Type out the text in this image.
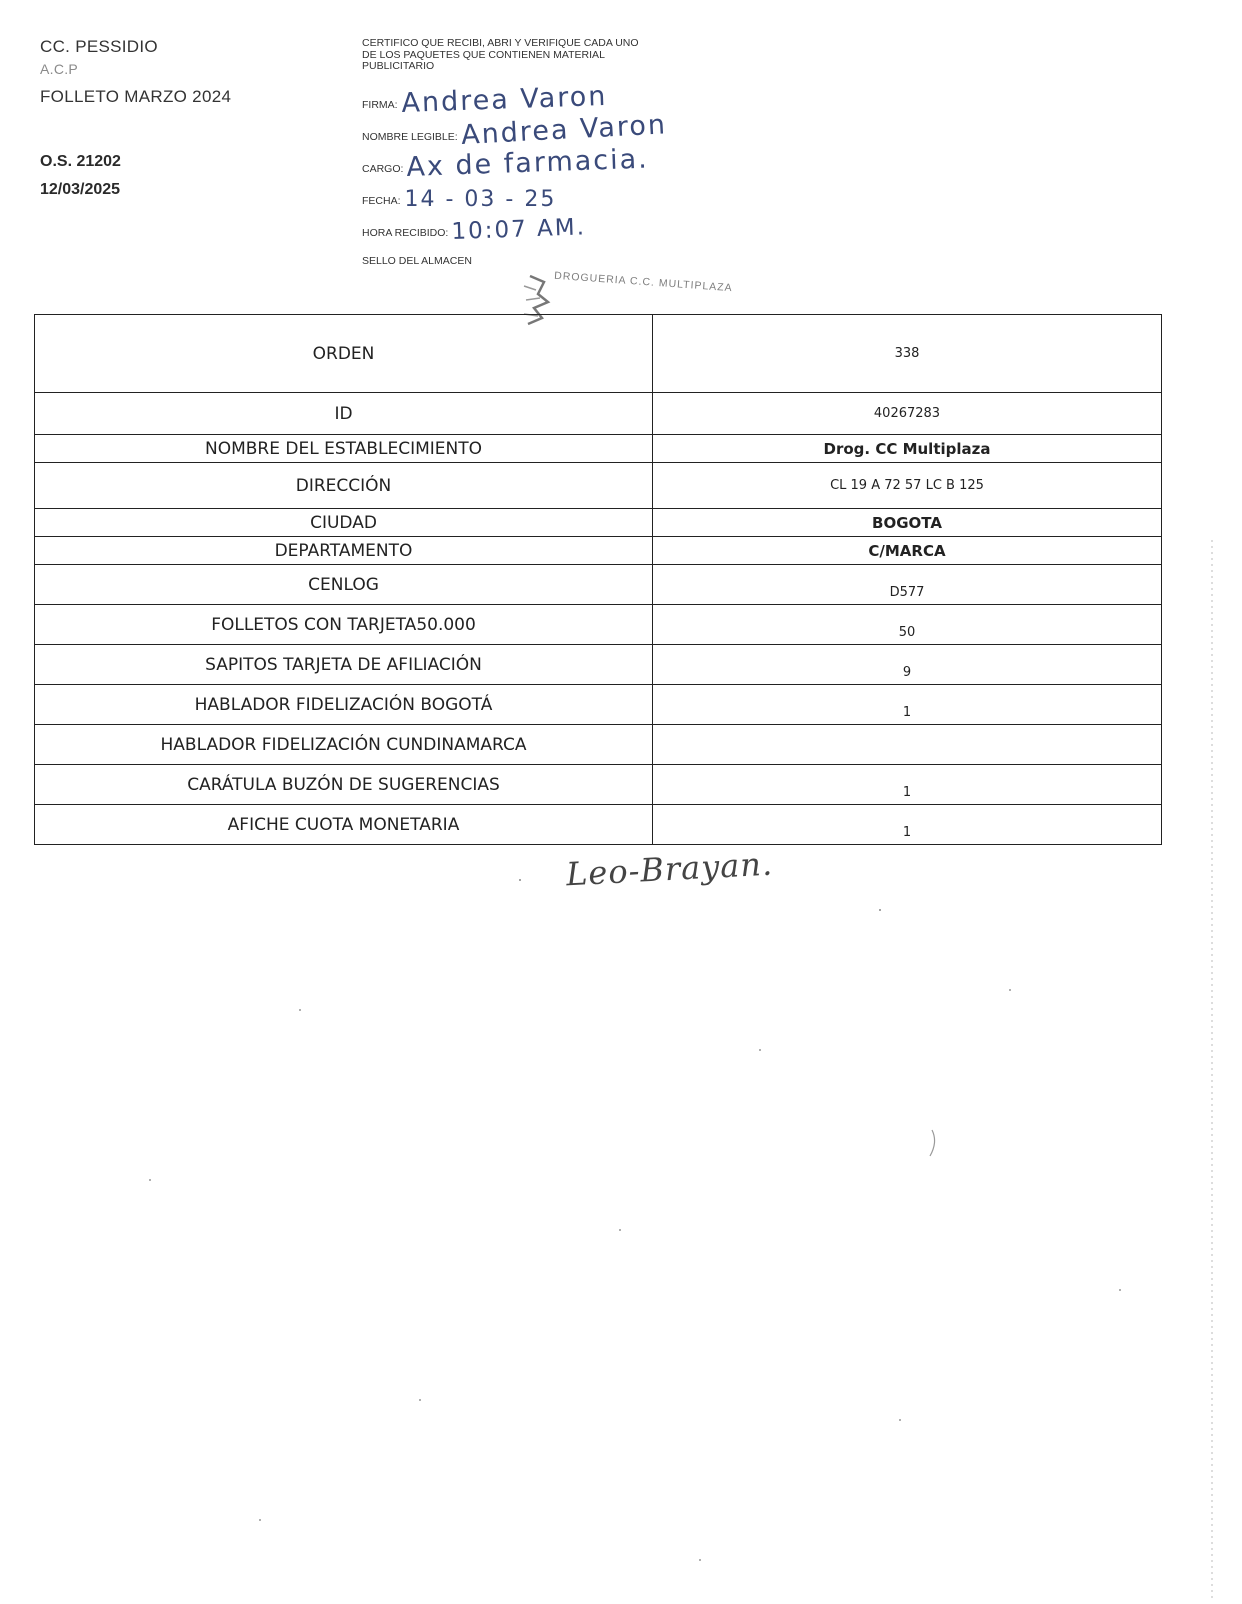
CC. PESSIDIO
A.C.P
FOLLETO MARZO 2024
O.S. 21202
12/03/2025
CERTIFICO QUE RECIBI, ABRI Y VERIFIQUE CADA UNO DE LOS PAQUETES QUE CONTIENEN MATERIAL PUBLICITARIO
FIRMA: Andrea Varon
NOMBRE LEGIBLE: Andrea Varon
CARGO: Ax de farmacia.
FECHA: 14 - 03 - 25
HORA RECIBIDO: 10:07 AM.
SELLO DEL ALMACEN
DROGUERIA C.C. MULTIPLAZA
ORDEN	338
ID	40267283
NOMBRE DEL ESTABLECIMIENTO	Drog. CC Multiplaza
DIRECCIÓN	CL 19 A 72 57 LC B 125
CIUDAD	BOGOTA
DEPARTAMENTO	C/MARCA
CENLOG	D577
FOLLETOS CON TARJETA50.000	50
SAPITOS TARJETA DE AFILIACIÓN	9
HABLADOR FIDELIZACIÓN BOGOTÁ	1
HABLADOR FIDELIZACIÓN CUNDINAMARCA	
CARÁTULA BUZÓN DE SUGERENCIAS	1
AFICHE CUOTA MONETARIA	1
Leo-Brayan.
